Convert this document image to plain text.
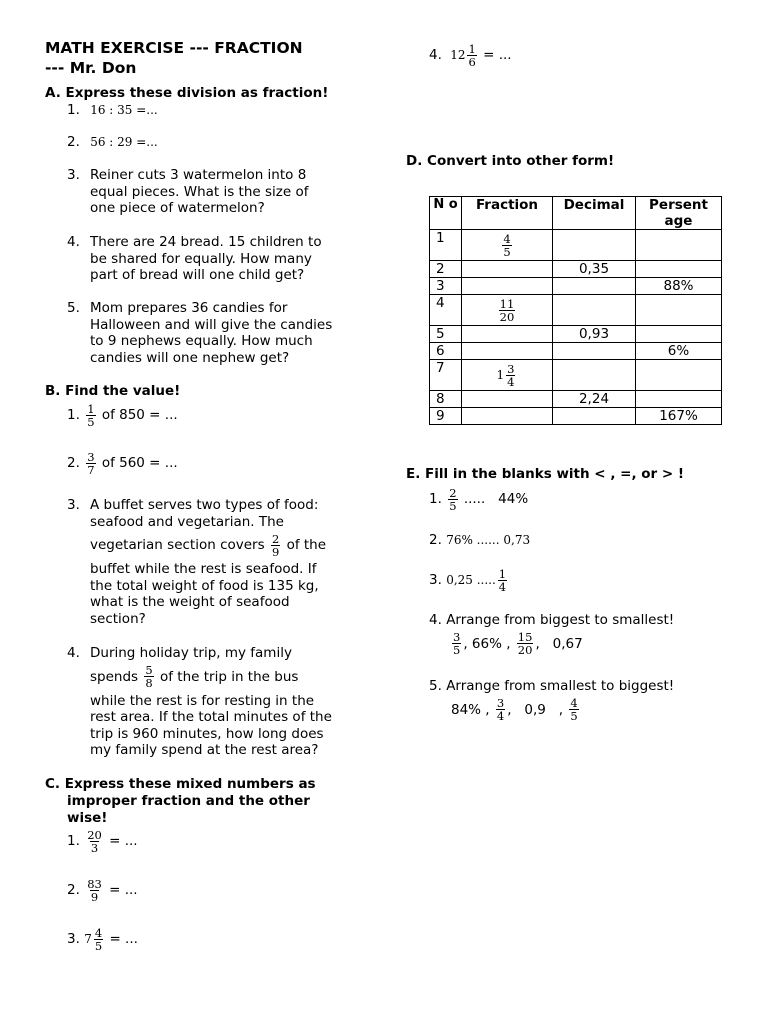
MATH EXERCISE --- FRACTION
--- Mr. Don
A. Express these division as fraction!
1. 16 : 35 =...
2. 56 : 29 =...
3. Reiner cuts 3 watermelon into 8
equal pieces. What is the size of
one piece of watermelon?
4. There are 24 bread. 15 children to
be shared for equally. How many
part of bread will one child get?
5. Mom prepares 36 candies for
Halloween and will give the candies
to 9 nephews equally. How much
candies will one nephew get?
B. Find the value!
1. $\frac{1}{5}$ of 850 = ...
2. $\frac{3}{7}$ of 560 = ...
3. A buffet serves two types of food:
seafood and vegetarian. The
vegetarian section covers $\frac{2}{9}$ of the
buffet while the rest is seafood. If
the total weight of food is 135 kg,
what is the weight of seafood
section?
4. During holiday trip, my family
spends $\frac{5}{8}$ of the trip in the bus
while the rest is for resting in the
rest area. If the total minutes of the
trip is 960 minutes, how long does
my family spend at the rest area?
C. Express these mixed numbers as
improper fraction and the other
wise!
1. $\frac{20}{3}$ = ...
2. $\frac{83}{9}$ = ...
3. $7 \frac{4}{5}$ = ...
4. $12 \frac{1}{6}$ = ...
D. Convert into other form!
N o	Fraction	Decimal	Persent age
1	$\frac{4}{5}$

2		0,35	
3			88%
4	$\frac{11}{20}$

5		0,93	
6			6%
7	$1 \frac{3}{4}$

8		2,24	
9			167%
E. Fill in the blanks with < , =, or > !
1. $\frac{2}{5}$ .....   44%
2. 76% ...... 0,73
3. 0,25 ..... $\frac{1}{4}$
4. Arrange from biggest to smallest!
$\frac{3}{5}$ , 66% , $\frac{15}{20}$ ,   0,67
5. Arrange from smallest to biggest!
84% , $\frac{3}{4}$ ,   0,9   , $\frac{4}{5}$
